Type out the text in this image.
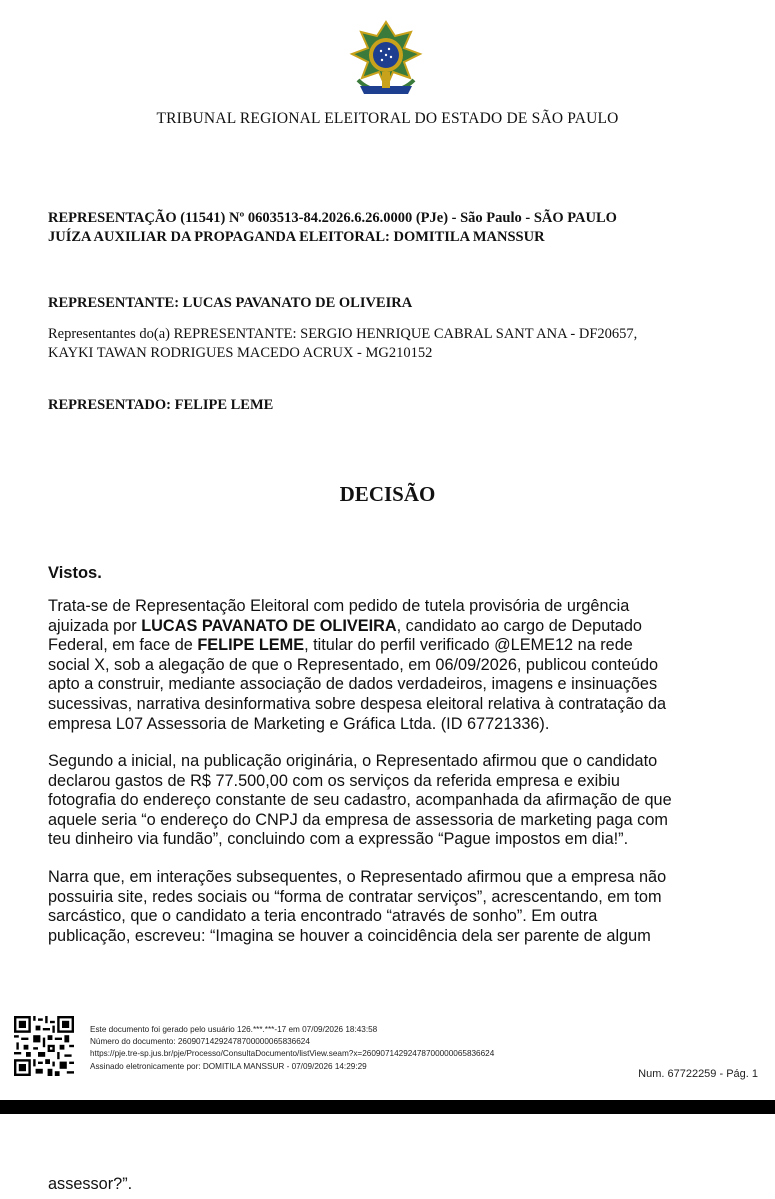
TRIBUNAL REGIONAL ELEITORAL DO ESTADO DE SÃO PAULO
REPRESENTAÇÃO (11541) Nº 0603513-84.2026.6.26.0000 (PJe) - São Paulo - SÃO PAULO
JUÍZA AUXILIAR DA PROPAGANDA ELEITORAL: DOMITILA MANSSUR
REPRESENTANTE: LUCAS PAVANATO DE OLIVEIRA
Representantes do(a) REPRESENTANTE: SERGIO HENRIQUE CABRAL SANT ANA - DF20657,
KAYKI TAWAN RODRIGUES MACEDO ACRUX - MG210152
REPRESENTADO: FELIPE LEME
DECISÃO
Vistos.
Trata-se de Representação Eleitoral com pedido de tutela provisória de urgência
ajuizada por LUCAS PAVANATO DE OLIVEIRA, candidato ao cargo de Deputado
Federal, em face de FELIPE LEME, titular do perfil verificado @LEME12 na rede
social X, sob a alegação de que o Representado, em 06/09/2026, publicou conteúdo
apto a construir, mediante associação de dados verdadeiros, imagens e insinuações
sucessivas, narrativa desinformativa sobre despesa eleitoral relativa à contratação da
empresa L07 Assessoria de Marketing e Gráfica Ltda. (ID 67721336).
Segundo a inicial, na publicação originária, o Representado afirmou que o candidato
declarou gastos de R$ 77.500,00 com os serviços da referida empresa e exibiu
fotografia do endereço constante de seu cadastro, acompanhada da afirmação de que
aquele seria “o endereço do CNPJ da empresa de assessoria de marketing paga com
teu dinheiro via fundão”, concluindo com a expressão “Pague impostos em dia!”.
Narra que, em interações subsequentes, o Representado afirmou que a empresa não
possuiria site, redes sociais ou “forma de contratar serviços”, acrescentando, em tom
sarcástico, que o candidato a teria encontrado “através de sonho”. Em outra
publicação, escreveu: “Imagina se houver a coincidência dela ser parente de algum
Este documento foi gerado pelo usuário 126.***.***-17 em 07/09/2026 18:43:58
Número do documento: 26090714292478700000065836624
https://pje.tre-sp.jus.br/pje/Processo/ConsultaDocumento/listView.seam?x=26090714292478700000065836624
Assinado eletronicamente por: DOMITILA MANSSUR - 07/09/2026 14:29:29
Num. 67722259 - Pág. 1
assessor?”.
